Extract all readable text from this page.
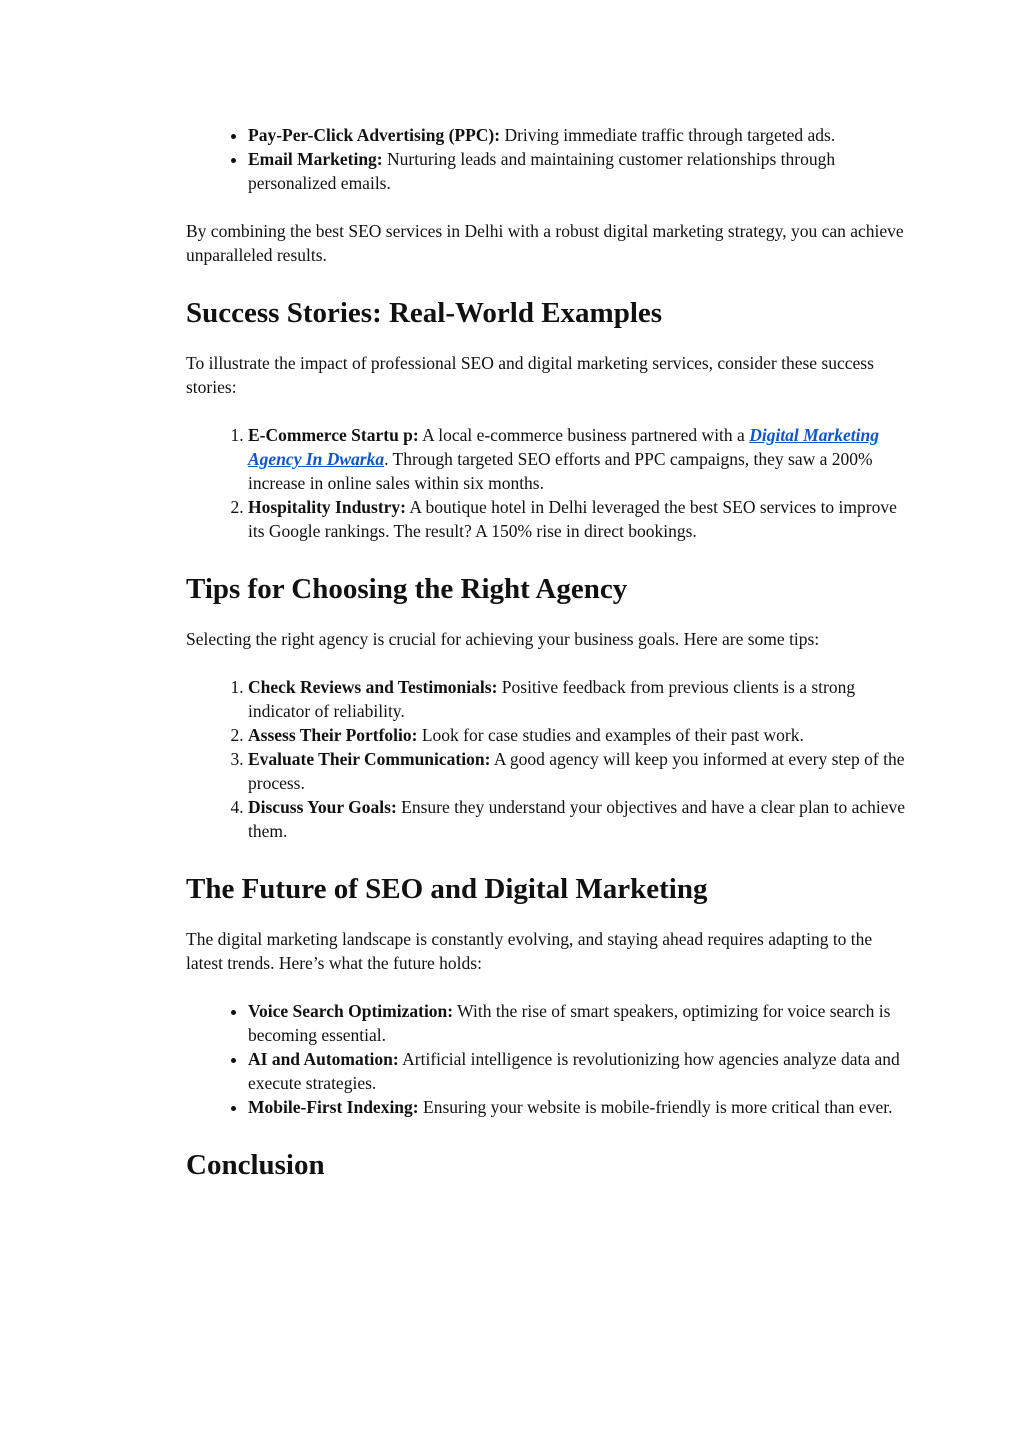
• Pay-Per-Click Advertising (PPC): Driving immediate traffic through targeted ads.
• Email Marketing: Nurturing leads and maintaining customer relationships through personalized emails.

By combining the best SEO services in Delhi with a robust digital marketing strategy, you can achieve unparalleled results.

Success Stories: Real-World Examples

To illustrate the impact of professional SEO and digital marketing services, consider these success stories:

1. E-Commerce Startu p: A local e-commerce business partnered with a Digital Marketing Agency In Dwarka. Through targeted SEO efforts and PPC campaigns, they saw a 200% increase in online sales within six months.
2. Hospitality Industry: A boutique hotel in Delhi leveraged the best SEO services to improve its Google rankings. The result? A 150% rise in direct bookings.
Tips for Choosing the Right Agency

Selecting the right agency is crucial for achieving your business goals. Here are some tips:

1. Check Reviews and Testimonials: Positive feedback from previous clients is a strong indicator of reliability.
2. Assess Their Portfolio: Look for case studies and examples of their past work.
3. Evaluate Their Communication: A good agency will keep you informed at every step of the process.
4. Discuss Your Goals: Ensure they understand your objectives and have a clear plan to achieve them.
The Future of SEO and Digital Marketing

The digital marketing landscape is constantly evolving, and staying ahead requires adapting to the latest trends. Here’s what the future holds:

• Voice Search Optimization: With the rise of smart speakers, optimizing for voice search is becoming essential.
• AI and Automation: Artificial intelligence is revolutionizing how agencies analyze data and execute strategies.
• Mobile-First Indexing: Ensuring your website is mobile-friendly is more critical than ever.
Conclusion
